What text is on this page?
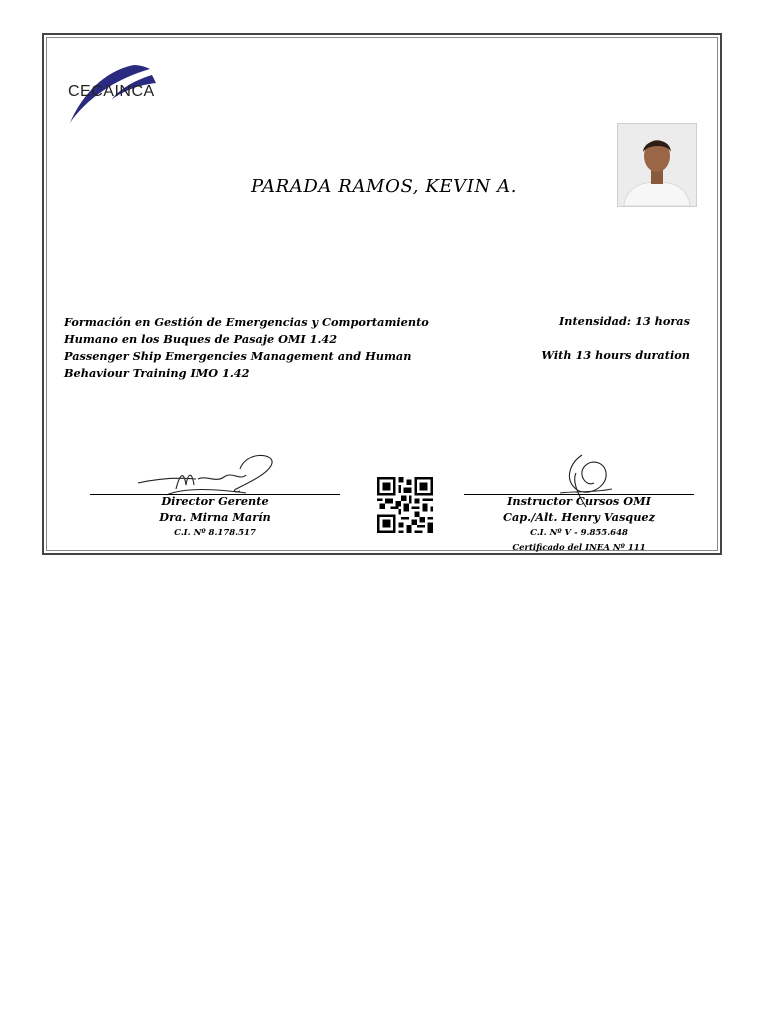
CECAINCA
PARADA RAMOS, KEVIN A.
Formación en Gestión de Emergencias y Comportamiento
Humano en los Buques de Pasaje OMI 1.42
Passenger Ship Emergencies Management and Human
Behaviour Training IMO 1.42
Intensidad: 13 horas
With 13 hours duration
Director Gerente
Dra. Mirna Marín
C.I. Nº 8.178.517
Instructor Cursos OMI
Cap./Alt. Henry Vasquez
C.I. Nº V - 9.855.648
Certificado del INEA Nº 111
